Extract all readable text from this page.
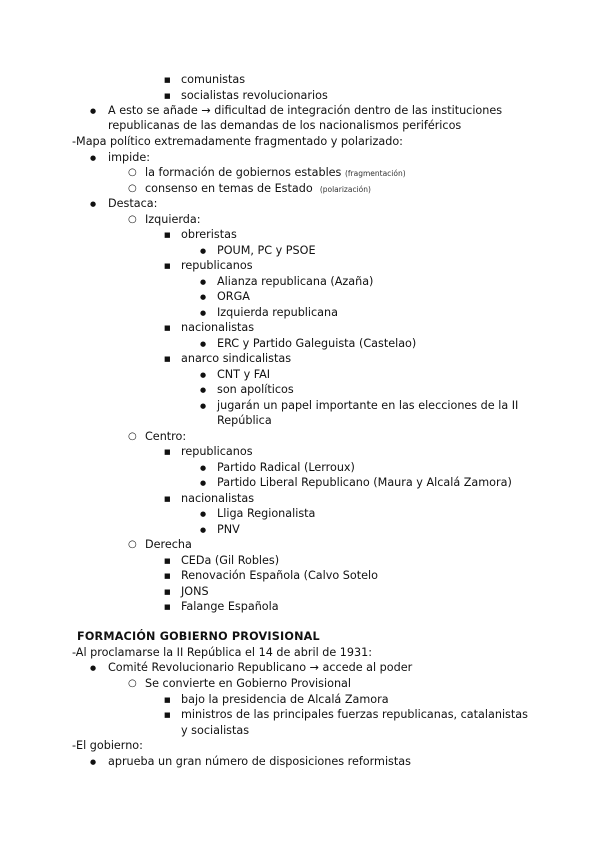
■
comunistas
■
socialistas revolucionarios
●
A esto se añade → dificultad de integración dentro de las instituciones
republicanas de las demandas de los nacionalismos periféricos
-Mapa político extremadamente fragmentado y polarizado:
●
impide:
○
la formación de gobiernos estables (fragmentación)
○
consenso en temas de Estado (polarización)
●
Destaca:
○
Izquierda:
■
obreristas
●
POUM, PC y PSOE
■
republicanos
●
Alianza republicana (Azaña)
●
ORGA
●
Izquierda republicana
■
nacionalistas
●
ERC y Partido Galeguista (Castelao)
■
anarco sindicalistas
●
CNT y FAI
●
son apolíticos
●
jugarán un papel importante en las elecciones de la II
República
○
Centro:
■
republicanos
●
Partido Radical (Lerroux)
●
Partido Liberal Republicano (Maura y Alcalá Zamora)
■
nacionalistas
●
Lliga Regionalista
●
PNV
○
Derecha
■
CEDa (Gil Robles)
■
Renovación Española (Calvo Sotelo
■
JONS
■
Falange Española
FORMACIÓN GOBIERNO PROVISIONAL
-Al proclamarse la II República el 14 de abril de 1931:
●
Comité Revolucionario Republicano → accede al poder
○
Se convierte en Gobierno Provisional
■
bajo la presidencia de Alcalá Zamora
■
ministros de las principales fuerzas republicanas, catalanistas
y socialistas
-El gobierno:
●
aprueba un gran número de disposiciones reformistas
